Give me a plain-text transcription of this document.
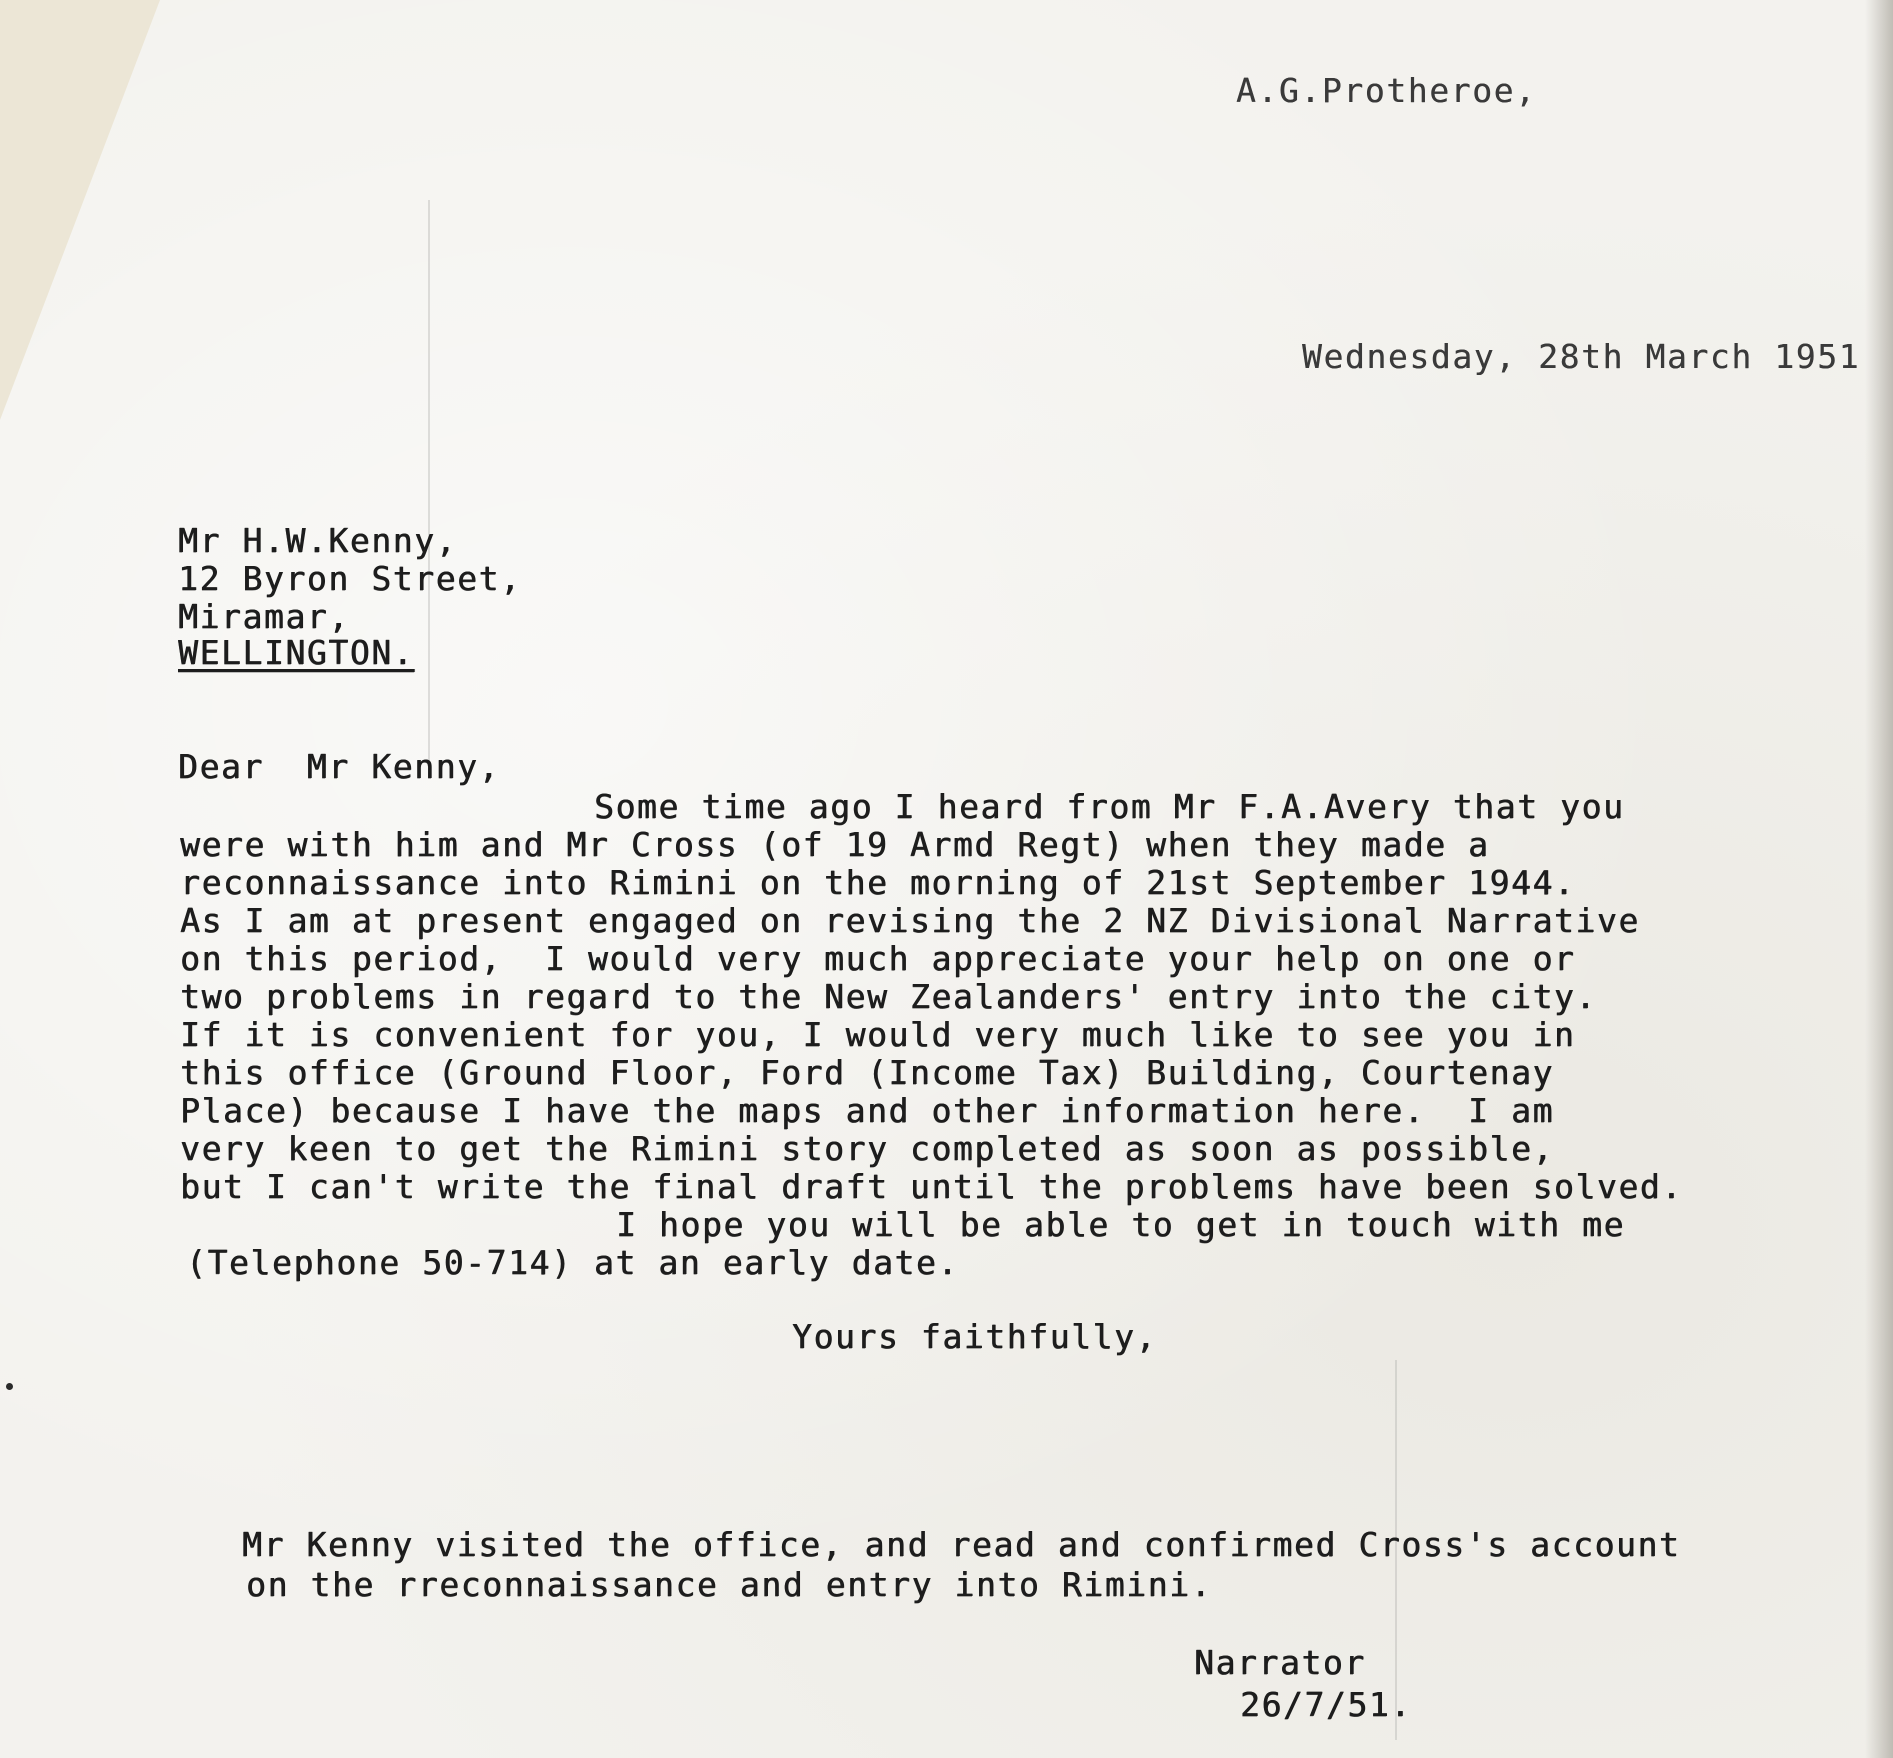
A.G.Protheroe,
Wednesday, 28th March 1951
Mr H.W.Kenny,
12 Byron Street,
Miramar,
WELLINGTON.
Dear  Mr Kenny,
Some time ago I heard from Mr F.A.Avery that you
were with him and Mr Cross (of 19 Armd Regt) when they made a
reconnaissance into Rimini on the morning of 21st September 1944.
As I am at present engaged on revising the 2 NZ Divisional Narrative
on this period,  I would very much appreciate your help on one or
two problems in regard to the New Zealanders' entry into the city.
If it is convenient for you, I would very much like to see you in
this office (Ground Floor, Ford (Income Tax) Building, Courtenay
Place) because I have the maps and other information here.  I am
very keen to get the Rimini story completed as soon as possible,
but I can't write the final draft until the problems have been solved.
I hope you will be able to get in touch with me
(Telephone 50-714) at an early date.
Yours faithfully,
Mr Kenny visited the office, and read and confirmed Cross's account
on the rreconnaissance and entry into Rimini.
Narrator
26/7/51.
